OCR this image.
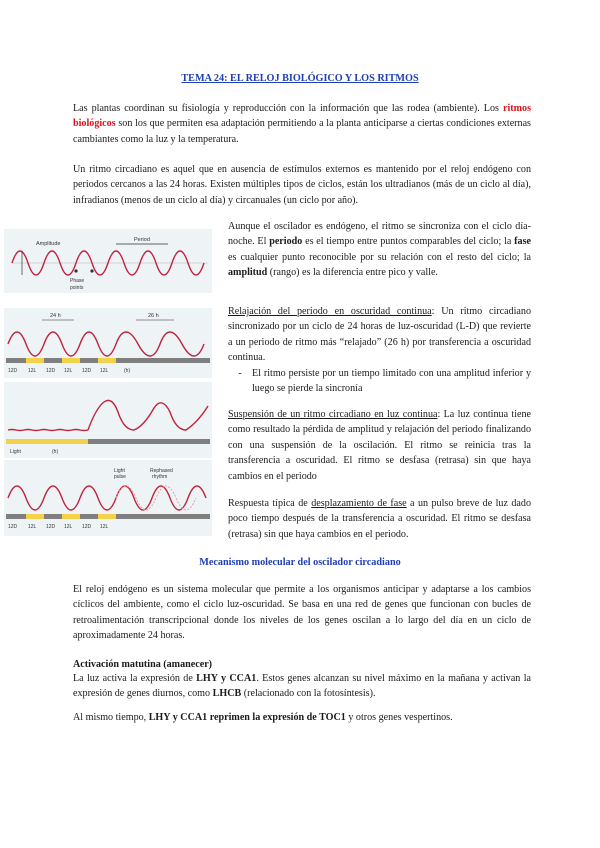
TEMA 24: EL RELOJ BIOLÓGICO Y LOS RITMOS
Las plantas coordinan su fisiología y reproducción con la información que las rodea (ambiente). Los ritmos biológicos son los que permiten esa adaptación permitiendo a la planta anticiparse a ciertas condiciones externas cambiantes como la luz y la temperatura.
Un ritmo circadiano es aquel que en ausencia de estímulos externos es mantenido por el reloj endógeno con periodos cercanos a las 24 horas. Existen múltiples tipos de ciclos, están los ultradianos (más de un ciclo al día), infradianos (menos de un ciclo al día) y circanuales (un ciclo por año).
Amplitude
Period
Phase
points
24 h	26 h
12D 12L 12D 12L 12D 12L	(h)
Light	(h)
Light
pulse
Rephased
rhythm
12D 12L 12D 12L 12D 12L
Aunque el oscilador es endógeno, el ritmo se sincroniza con el ciclo día-noche. El periodo es el tiempo entre puntos comparables del ciclo; la fase es cualquier punto reconocible por su relación con el resto del ciclo; la amplitud (rango) es la diferencia entre pico y valle.
Relajación del periodo en oscuridad continua: Un ritmo circadiano sincronizado por un ciclo de 24 horas de luz-oscuridad (L-D) que revierte a un periodo de ritmo más “relajado” (26 h) por transferencia a oscuridad continua.
-	El ritmo persiste por un tiempo limitado con una amplitud inferior y luego se pierde la sincronía
Suspensión de un ritmo circadiano en luz continua: La luz continua tiene como resultado la pérdida de amplitud y relajación del periodo finalizando con una suspensión de la oscilación. El ritmo se reinicia tras la transferencia a oscuridad. El ritmo se desfasa (retrasa) sin que haya cambios en el periodo
Respuesta típica de desplazamiento de fase a un pulso breve de luz dado poco tiempo después de la transferencia a oscuridad. El ritmo se desfasa (retrasa) sin que haya cambios en el periodo.
Mecanismo molecular del oscilador circadiano
El reloj endógeno es un sistema molecular que permite a los organismos anticipar y adaptarse a los cambios cíclicos del ambiente, como el ciclo luz-oscuridad. Se basa en una red de genes que funcionan con bucles de retroalimentación transcripcional donde los niveles de los genes oscilan a lo largo del día en un ciclo de aproximadamente 24 horas.
Activación matutina (amanecer)
La luz activa la expresión de LHY y CCA1. Estos genes alcanzan su nivel máximo en la mañana y activan la expresión de genes diurnos, como LHCB (relacionado con la fotosíntesis).
Al mismo tiempo, LHY y CCA1 reprimen la expresión de TOC1 y otros genes vespertinos.
